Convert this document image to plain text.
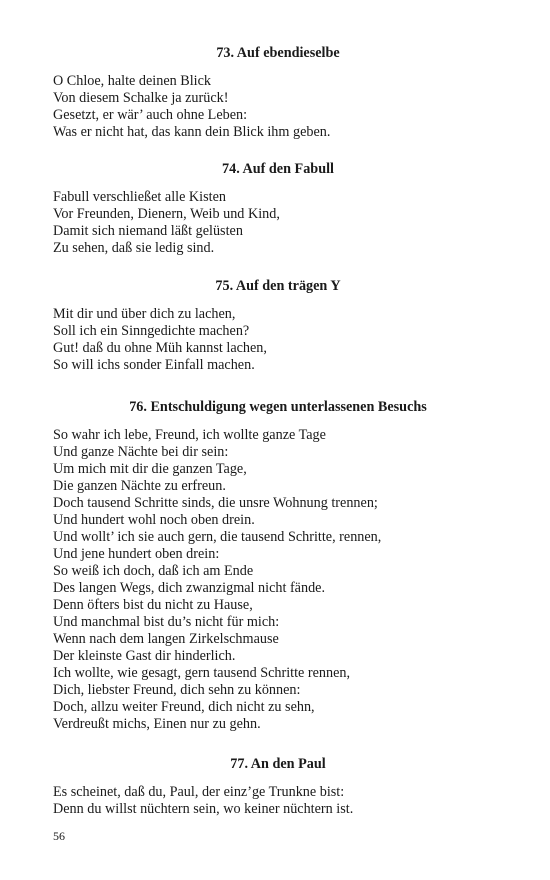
73. Auf ebendieselbe
O Chloe, halte deinen Blick
Von diesem Schalke ja zurück!
Gesetzt, er wär’ auch ohne Leben:
Was er nicht hat, das kann dein Blick ihm geben.
74. Auf den Fabull
Fabull verschließet alle Kisten
Vor Freunden, Dienern, Weib und Kind,
Damit sich niemand läßt gelüsten
Zu sehen, daß sie ledig sind.
75. Auf den trägen Y
Mit dir und über dich zu lachen,
Soll ich ein Sinngedichte machen?
Gut! daß du ohne Müh kannst lachen,
So will ichs sonder Einfall machen.
76. Entschuldigung wegen unterlassenen Besuchs
So wahr ich lebe, Freund, ich wollte ganze Tage
Und ganze Nächte bei dir sein:
Um mich mit dir die ganzen Tage,
Die ganzen Nächte zu erfreun.
Doch tausend Schritte sinds, die unsre Wohnung trennen;
Und hundert wohl noch oben drein.
Und wollt’ ich sie auch gern, die tausend Schritte, rennen,
Und jene hundert oben drein:
So weiß ich doch, daß ich am Ende
Des langen Wegs, dich zwanzigmal nicht fände.
Denn öfters bist du nicht zu Hause,
Und manchmal bist du’s nicht für mich:
Wenn nach dem langen Zirkelschmause
Der kleinste Gast dir hinderlich.
Ich wollte, wie gesagt, gern tausend Schritte rennen,
Dich, liebster Freund, dich sehn zu können:
Doch, allzu weiter Freund, dich nicht zu sehn,
Verdreußt michs, Einen nur zu gehn.
77. An den Paul
Es scheinet, daß du, Paul, der einz’ge Trunkne bist:
Denn du willst nüchtern sein, wo keiner nüchtern ist.
56
